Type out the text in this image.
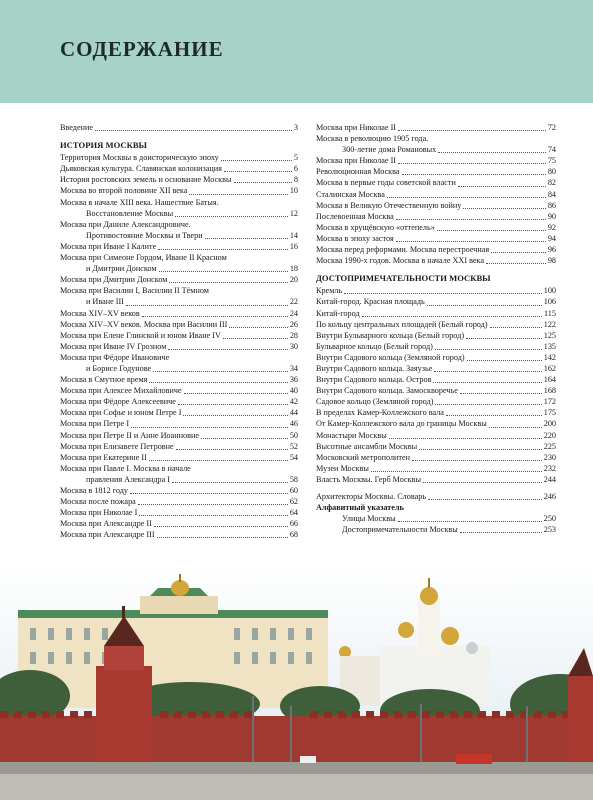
СОДЕРЖАНИЕ
Введение	3
ИСТОРИЯ МОСКВЫ
Территория Москвы в доисторическую эпоху	5
Дьяковская культура. Славянская колонизация	6
История ростовских земель и основание Москвы	8
Москва во второй половине XII века	10
Москва в начале XIII века. Нашествие Батыя.
Восстановление Москвы	12
Москва при Даниле Александровиче.
Противостояние Москвы и Твери	14
Москва при Иване I Калите	16
Москва при Симеоне Гордом, Иване II Красном
и Дмитрии Донском	18
Москва при Дмитрии Донском	20
Москва при Василии I, Василии II Тёмном
и Иване III	22
Москва XIV–XV веков	24
Москва XIV–XV веков. Москва при Василии III	26
Москва при Елене Глинской и юном Иване IV	28
Москва при Иване IV Грозном	30
Москва при Фёдоре Ивановиче
и Борисе Годунове	34
Москва в Смутное время	36
Москва при Алексее Михайловиче	40
Москва при Фёдоре Алексеевиче	42
Москва при Софье и юном Петре I	44
Москва при Петре I	46
Москва при Петре II и Анне Иоанновне	50
Москва при Елизавете Петровне	52
Москва при Екатерине II	54
Москва при Павле I. Москва в начале
правления Александра I	58
Москва в 1812 году	60
Москва после пожара	62
Москва при Николае I	64
Москва при Александре II	66
Москва при Александре III	68
Москва при Николае II	72
Москва в революцию 1905 года.
300-летие дома Романовых	74
Москва при Николае II	75
Революционная Москва	80
Москва в первые годы советской власти	82
Сталинская Москва	84
Москва в Великую Отечественную войну	86
Послевоенная Москва	90
Москва в хрущёвскую «оттепель»	92
Москва в эпоху застоя	94
Москва перед реформами. Москва перестроечная	96
Москва 1990-х годов. Москва в начале XXI века	98
ДОСТОПРИМЕЧАТЕЛЬНОСТИ МОСКВЫ
Кремль	100
Китай-город. Красная площадь	106
Китай-город	115
По кольцу центральных площадей (Белый город)	122
Внутри Бульварного кольца (Белый город)	125
Бульварное кольцо (Белый город)	135
Внутри Садового кольца (Земляной город)	142
Внутри Садового кольца. Заяузье	162
Внутри Садового кольца. Остров	164
Внутри Садового кольца. Замоскворечье	168
Садовое кольцо (Земляной город)	172
В пределах Камер-Коллежского вала	175
От Камер-Коллежского вала до границы Москвы	200
Монастыри Москвы	220
Высотные ансамбли Москвы	225
Московский метрополитен	230
Музеи Москвы	232
Власть Москвы. Герб Москвы	244
Архитекторы Москвы. Словарь	246
Алфавитный указатель
Улицы Москвы	250
Достопримечательности Москвы	253
